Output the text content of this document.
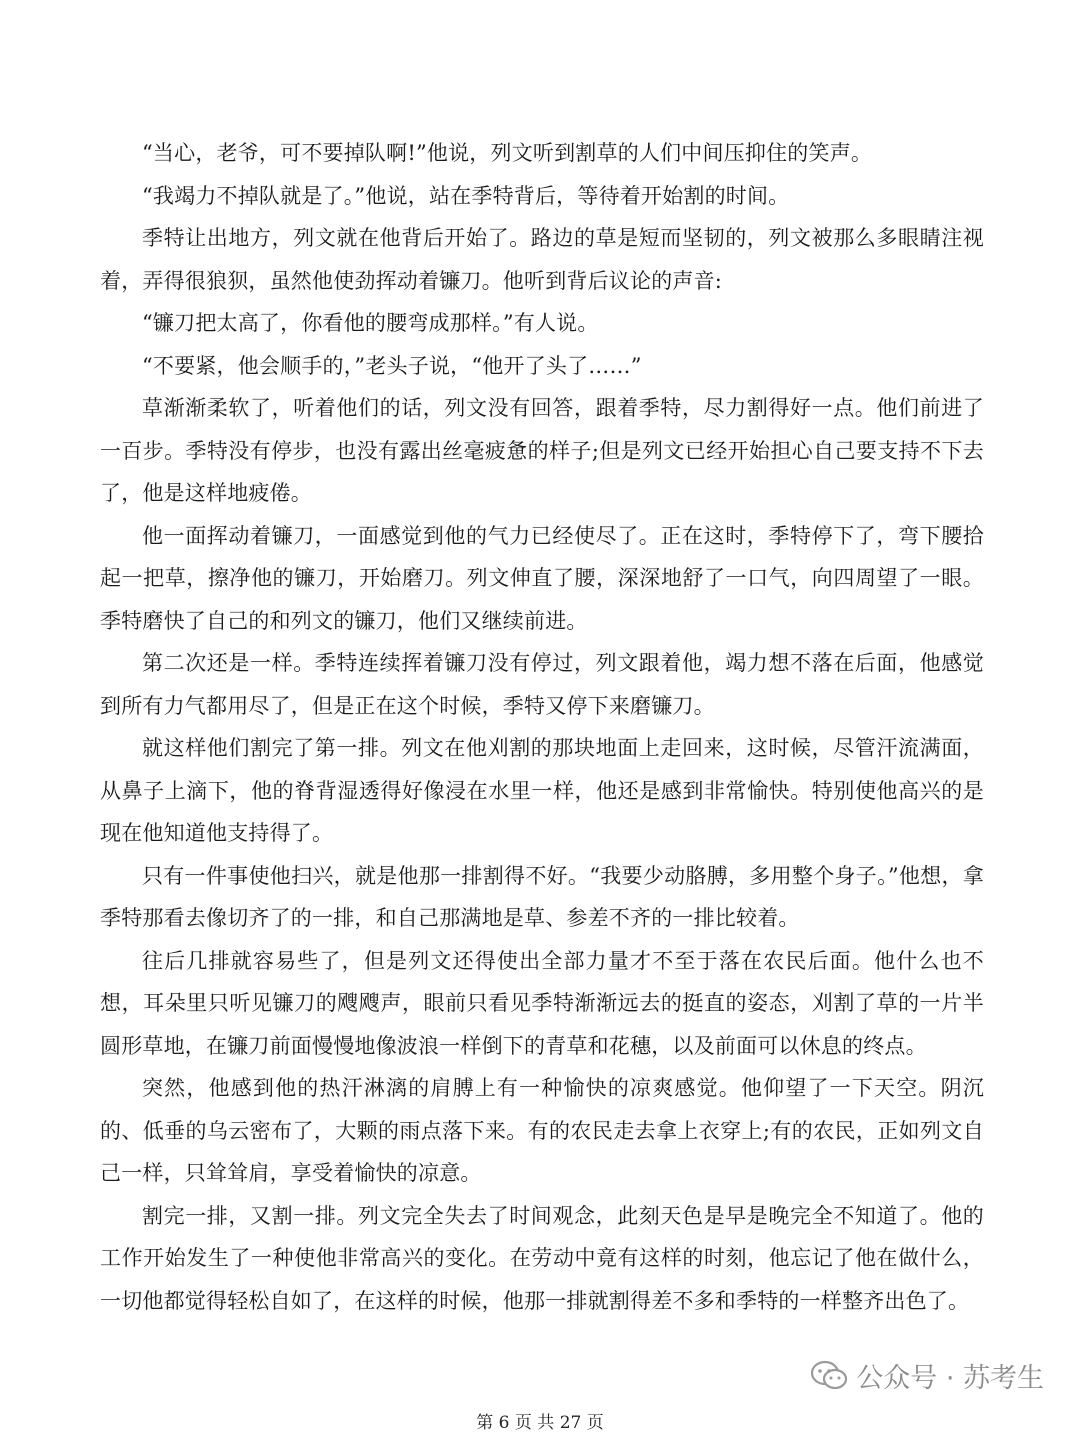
“当心，老爷，可不要掉队啊!”他说，列文听到割草的人们中间压抑住的笑声。

“我竭力不掉队就是了。”他说，站在季特背后，等待着开始割的时间。

季特让出地方，列文就在他背后开始了。路边的草是短而坚韧的，列文被那么多眼睛注视着，弄得很狼狈，虽然他使劲挥动着镰刀。他听到背后议论的声音:

“镰刀把太高了，你看他的腰弯成那样。”有人说。

“不要紧，他会顺手的，”老头子说，“他开了头了……”

草渐渐柔软了，听着他们的话，列文没有回答，跟着季特，尽力割得好一点。他们前进了一百步。季特没有停步，也没有露出丝毫疲惫的样子;但是列文已经开始担心自己要支持不下去了，他是这样地疲倦。

他一面挥动着镰刀，一面感觉到他的气力已经使尽了。正在这时，季特停下了，弯下腰拾起一把草，擦净他的镰刀，开始磨刀。列文伸直了腰，深深地舒了一口气，向四周望了一眼。季特磨快了自己的和列文的镰刀，他们又继续前进。

第二次还是一样。季特连续挥着镰刀没有停过，列文跟着他，竭力想不落在后面，他感觉到所有力气都用尽了，但是正在这个时候，季特又停下来磨镰刀。

就这样他们割完了第一排。列文在他刈割的那块地面上走回来，这时候，尽管汗流满面，从鼻子上滴下，他的脊背湿透得好像浸在水里一样，他还是感到非常愉快。特别使他高兴的是现在他知道他支持得了。

只有一件事使他扫兴，就是他那一排割得不好。“我要少动胳膊，多用整个身子。”他想，拿季特那看去像切齐了的一排，和自己那满地是草、参差不齐的一排比较着。

往后几排就容易些了，但是列文还得使出全部力量才不至于落在农民后面。他什么也不想，耳朵里只听见镰刀的飕飕声，眼前只看见季特渐渐远去的挺直的姿态，刈割了草的一片半圆形草地，在镰刀前面慢慢地像波浪一样倒下的青草和花穗，以及前面可以休息的终点。

突然，他感到他的热汗淋漓的肩膊上有一种愉快的凉爽感觉。他仰望了一下天空。阴沉的、低垂的乌云密布了，大颗的雨点落下来。有的农民走去拿上衣穿上;有的农民，正如列文自己一样，只耸耸肩，享受着愉快的凉意。

割完一排，又割一排。列文完全失去了时间观念，此刻天色是早是晚完全不知道了。他的工作开始发生了一种使他非常高兴的变化。在劳动中竟有这样的时刻，他忘记了他在做什么，一切他都觉得轻松自如了，在这样的时候，他那一排就割得差不多和季特的一样整齐出色了。

公众号 · 苏考生
第 6 页 共 27 页
